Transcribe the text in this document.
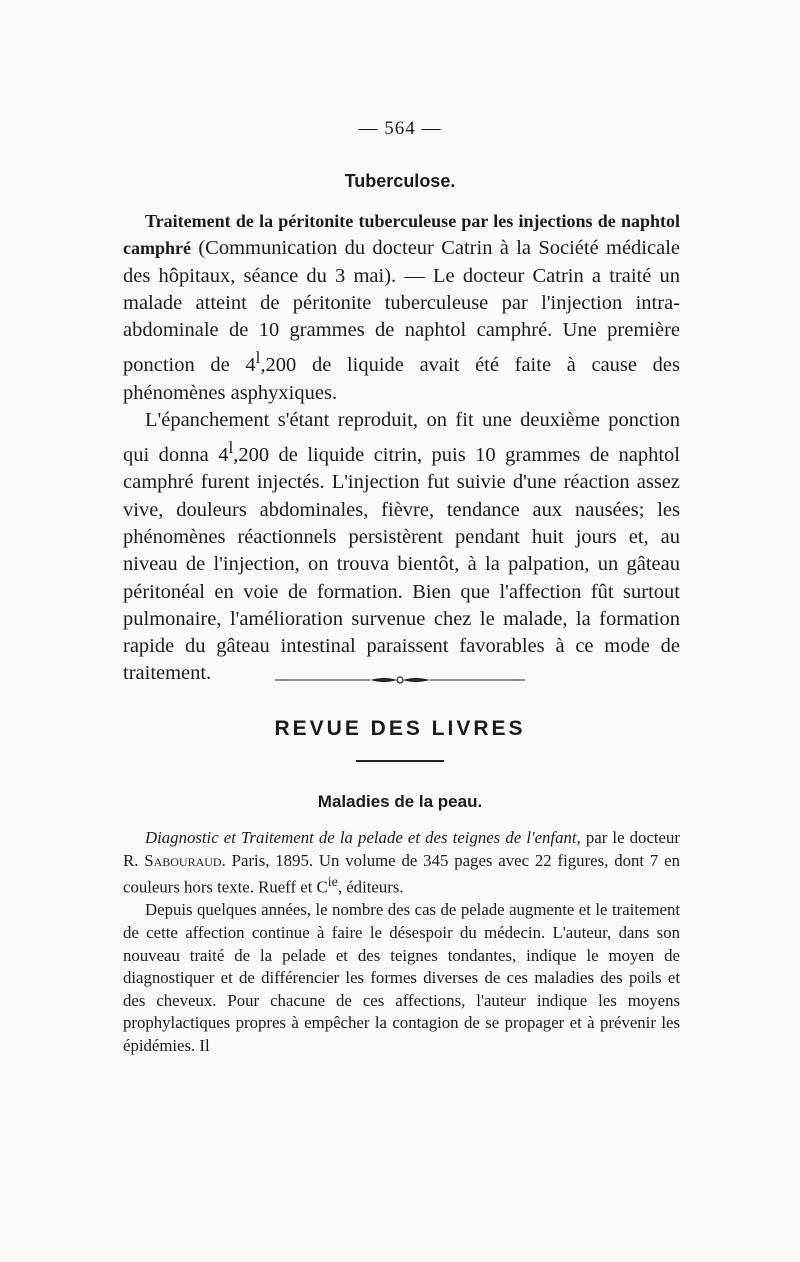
— 564 —
Tuberculose.

Traitement de la péritonite tuberculeuse par les injections de naphtol camphré (Communication du docteur Catrin à la Société médicale des hôpitaux, séance du 3 mai). — Le docteur Catrin a traité un malade atteint de péritonite tuberculeuse par l'injection intra-abdominale de 10 grammes de naphtol camphré. Une première ponction de 4$^l$,200 de liquide avait été faite à cause des phénomènes asphyxiques.

L'épanchement s'étant reproduit, on fit une deuxième ponction qui donna 4$^l$,200 de liquide citrin, puis 10 grammes de naphtol camphré furent injectés. L'injection fut suivie d'une réaction assez vive, douleurs abdominales, fièvre, tendance aux nausées; les phénomènes réactionnels persistèrent pendant huit jours et, au niveau de l'injection, on trouva bientôt, à la palpation, un gâteau péritonéal en voie de formation. Bien que l'affection fût surtout pulmonaire, l'amélioration survenue chez le malade, la formation rapide du gâteau intestinal paraissent favorables à ce mode de traitement.

REVUE DES LIVRES
Maladies de la peau.

Diagnostic et Traitement de la pelade et des teignes de l'enfant, par le docteur R. Sabouraud. Paris, 1895. Un volume de 345 pages avec 22 figures, dont 7 en couleurs hors texte. Rueff et $C^{ie}$, éditeurs.

Depuis quelques années, le nombre des cas de pelade augmente et le traitement de cette affection continue à faire le désespoir du médecin. L'auteur, dans son nouveau traité de la pelade et des teignes tondantes, indique le moyen de diagnostiquer et de différencier les formes diverses de ces maladies des poils et des cheveux. Pour chacune de ces affections, l'auteur indique les moyens prophylactiques propres à empêcher la contagion de se propager et à prévenir les épidémies. Il
